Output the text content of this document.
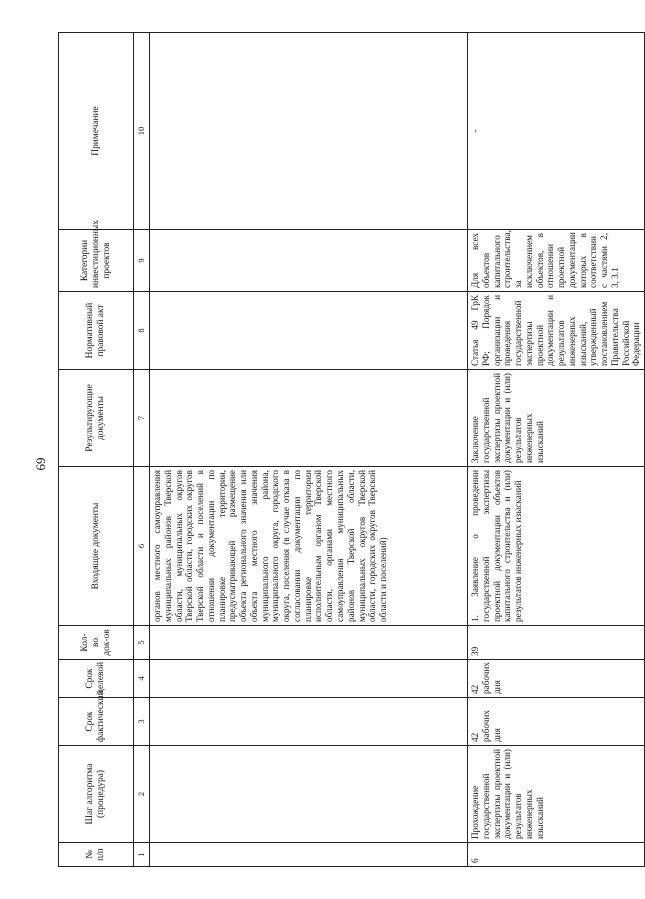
69
№ п/п	Шаг алгоритма (процедура)	Срок фактический	Срок целевой	Кол-во док-ов	Входящие документы	Результирующие документы	Нормативный правовой акт	Категории инвестиционных проектов	Примечание
1	2	3	4	5	6	7	8	9	10
					органов местного самоуправления муниципальных районов Тверской области, муниципальных округов Тверской области, городских округов Тверской области и поселений в отношении документации по планировке территории, предусматривающей размещение объекта регионального значения или объекта местного значения муниципального района, муниципального округа, городского округа, поселения (в случае отказа в согласовании документации по планировке территории исполнительным органом Тверской области, органами местного самоуправления муниципальных районов Тверской области, муниципальных округов Тверской области, городских округов Тверской области и поселений)				
6	Прохождение государственной экспертизы проектной документации и (или) результатов инженерных изысканий	42 рабочих дня	42 рабочих дня	39	1. Заявление о проведении государственной экспертизы проектной документации объектов капитального строительства и (или) результатов инженерных изысканий	Заключение государственной экспертизы проектной документации и (или) результатов инженерных изысканий	Статья 49 ГрК РФ; Порядок организации и проведения государственной экспертизы проектной документации и результатов инженерных изысканий, утвержденный постановлением Правительства Российской Федерации	Для всех объектов капитального строительства, за исключением объектов, в отношении проектной документации которых в соответствии с частями 2, 3, 3.1	-
